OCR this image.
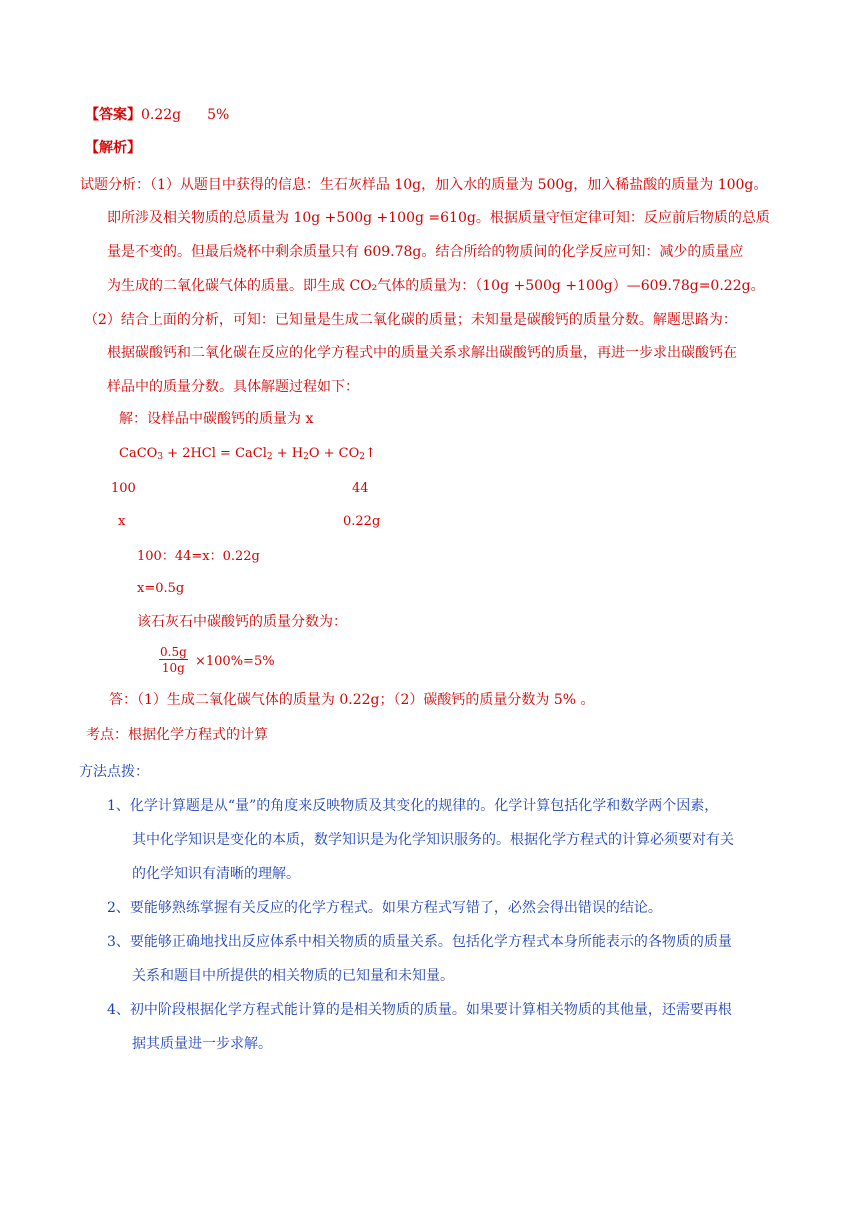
【答案】0.22g 5%
【解析】
试题分析：（1）从题目中获得的信息：生石灰样品 10g，加入水的质量为 500g，加入稀盐酸的质量为 100g。
即所涉及相关物质的总质量为 10g +500g +100g =610g。根据质量守恒定律可知：反应前后物质的总质
量是不变的。但最后烧杯中剩余质量只有 609.78g。结合所给的物质间的化学反应可知：减少的质量应
为生成的二氧化碳气体的质量。即生成 CO₂气体的质量为：（10g +500g +100g）—609.78g=0.22g。
（2）结合上面的分析，可知：已知量是生成二氧化碳的质量；未知量是碳酸钙的质量分数。解题思路为：
根据碳酸钙和二氧化碳在反应的化学方程式中的质量关系求解出碳酸钙的质量，再进一步求出碳酸钙在
样品中的质量分数。具体解题过程如下：
解：设样品中碳酸钙的质量为 x
CaCO$_3$ + 2HCl = CaCl$_2$ + $H_2O$ + $CO_2↑$
100	44
x	0.22g
100：44=x：0.22g
x=0.5g
该石灰石中碳酸钙的质量分数为：
$\frac{0.5g}{10g} \times 100\%=5\%$
答：（1）生成二氧化碳气体的质量为 0.22g；（2）碳酸钙的质量分数为 5% 。
考点：根据化学方程式的计算
方法点拨：
1、化学计算题是从“量”的角度来反映物质及其变化的规律的。化学计算包括化学和数学两个因素，
其中化学知识是变化的本质，数学知识是为化学知识服务的。根据化学方程式的计算必须要对有关
的化学知识有清晰的理解。
2、要能够熟练掌握有关反应的化学方程式。如果方程式写错了，必然会得出错误的结论。
3、要能够正确地找出反应体系中相关物质的质量关系。包括化学方程式本身所能表示的各物质的质量
关系和题目中所提供的相关物质的已知量和未知量。
4、初中阶段根据化学方程式能计算的是相关物质的质量。如果要计算相关物质的其他量，还需要再根
据其质量进一步求解。
